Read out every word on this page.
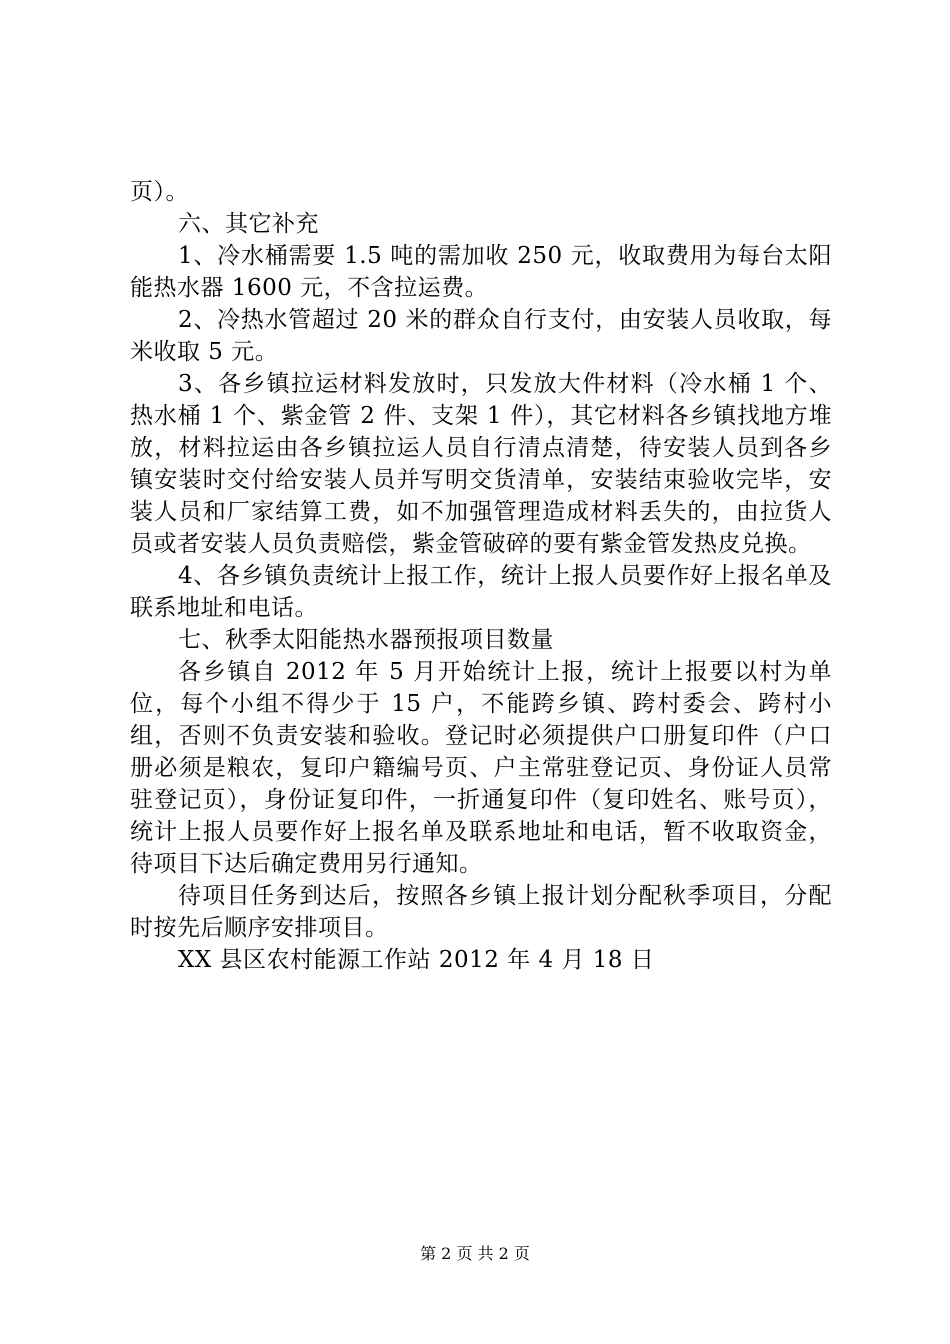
页）。

六、其它补充

1、冷水桶需要 1.5 吨的需加收 250 元，收取费用为每台太阳能热水器 1600 元，不含拉运费。

2、冷热水管超过 20 米的群众自行支付，由安装人员收取，每米收取 5 元。

3、各乡镇拉运材料发放时，只发放大件材料（冷水桶 1 个、热水桶 1 个、紫金管 2 件、支架 1 件），其它材料各乡镇找地方堆放，材料拉运由各乡镇拉运人员自行清点清楚，待安装人员到各乡镇安装时交付给安装人员并写明交货清单，安装结束验收完毕，安装人员和厂家结算工费，如不加强管理造成材料丢失的，由拉货人员或者安装人员负责赔偿，紫金管破碎的要有紫金管发热皮兑换。

4、各乡镇负责统计上报工作，统计上报人员要作好上报名单及联系地址和电话。

七、秋季太阳能热水器预报项目数量

各乡镇自 2012 年 5 月开始统计上报，统计上报要以村为单位，每个小组不得少于 15 户，不能跨乡镇、跨村委会、跨村小组，否则不负责安装和验收。登记时必须提供户口册复印件（户口册必须是粮农，复印户籍编号页、户主常驻登记页、身份证人员常驻登记页），身份证复印件，一折通复印件（复印姓名、账号页），统计上报人员要作好上报名单及联系地址和电话，暂不收取资金，待项目下达后确定费用另行通知。

待项目任务到达后，按照各乡镇上报计划分配秋季项目，分配时按先后顺序安排项目。

XX 县区农村能源工作站 2012 年 4 月 18 日

第 2 页 共 2 页
